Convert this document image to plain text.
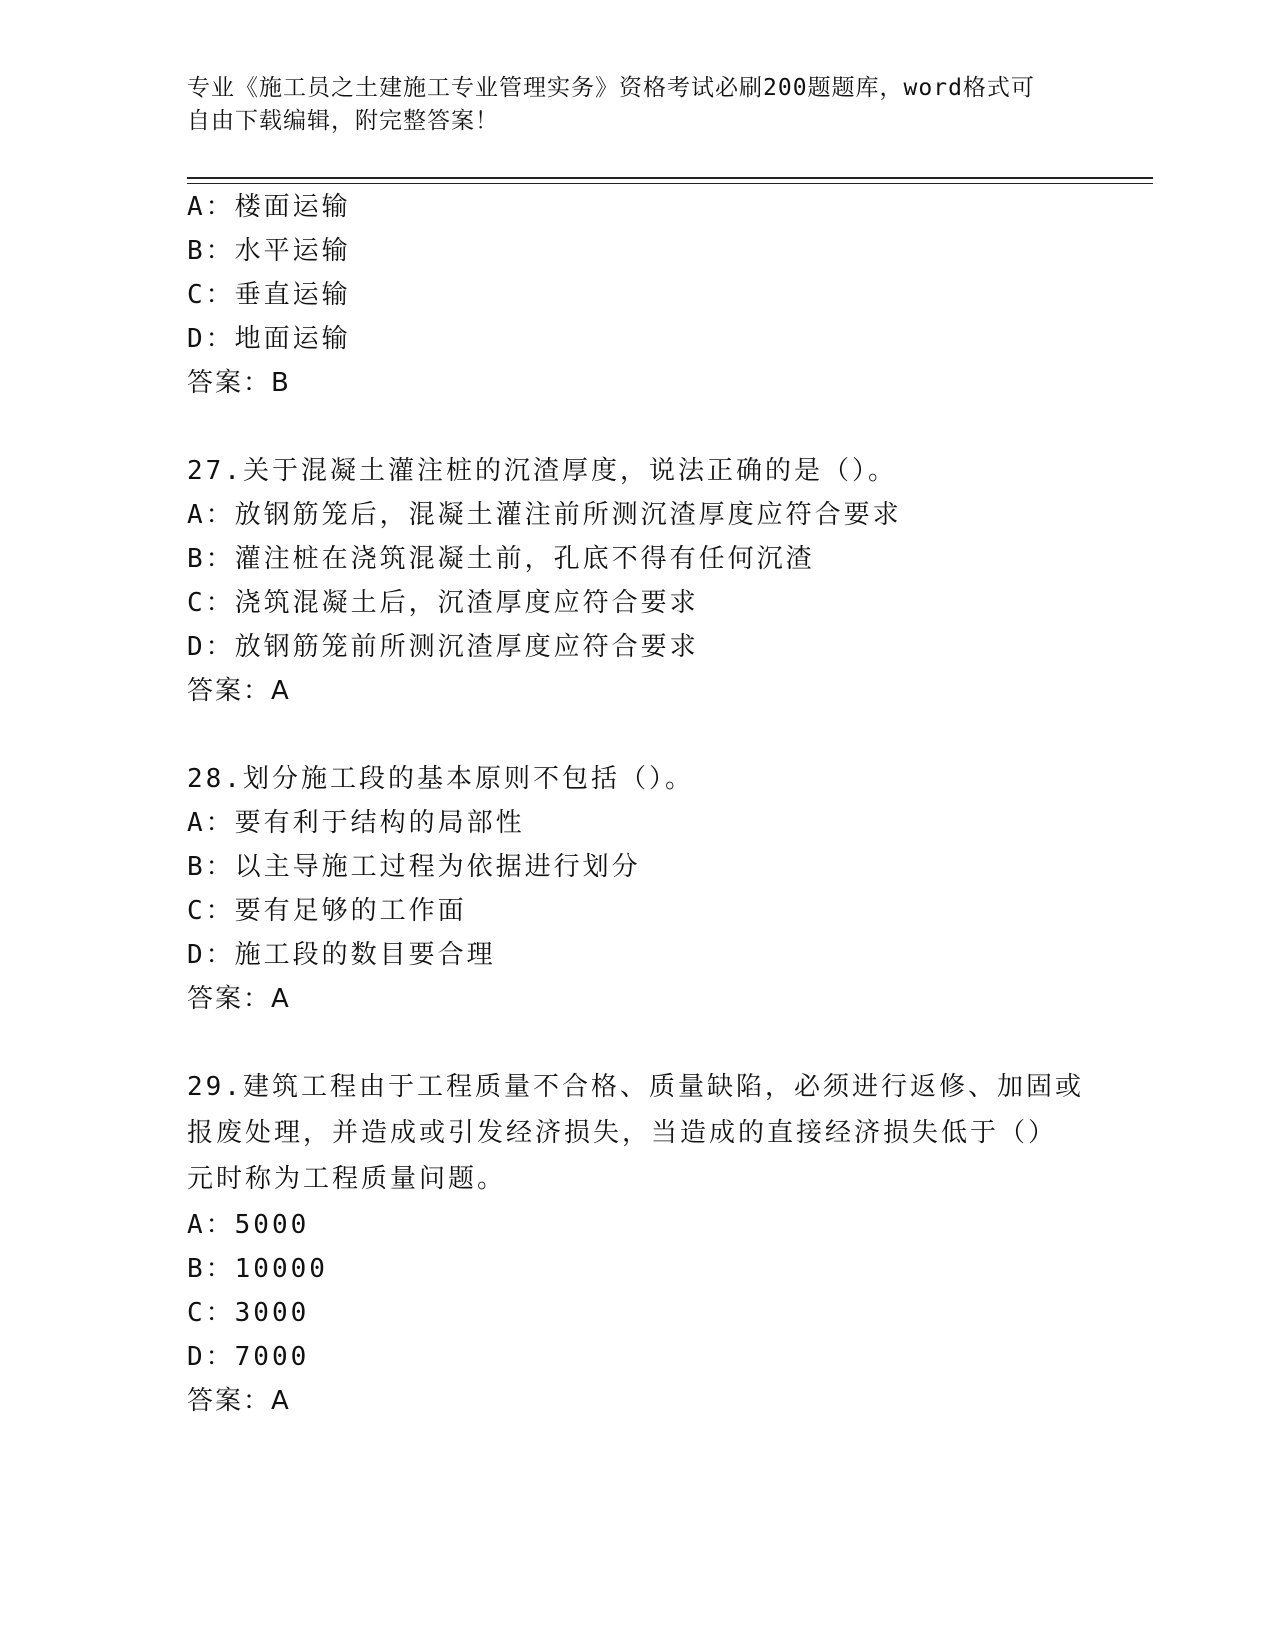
专业《施工员之土建施工专业管理实务》资格考试必刷200题题库，word格式可
自由下载编辑，附完整答案！
A：楼面运输
B：水平运输
C：垂直运输
D：地面运输
答案：B
27.关于混凝土灌注桩的沉渣厚度，说法正确的是（）。
A：放钢筋笼后，混凝土灌注前所测沉渣厚度应符合要求
B：灌注桩在浇筑混凝土前，孔底不得有任何沉渣
C：浇筑混凝土后，沉渣厚度应符合要求
D：放钢筋笼前所测沉渣厚度应符合要求
答案：A
28.划分施工段的基本原则不包括（）。
A：要有利于结构的局部性
B：以主导施工过程为依据进行划分
C：要有足够的工作面
D：施工段的数目要合理
答案：A
29.建筑工程由于工程质量不合格、质量缺陷，必须进行返修、加固或
报废处理，并造成或引发经济损失，当造成的直接经济损失低于（）
元时称为工程质量问题。
A：5000
B：10000
C：3000
D：7000
答案：A
